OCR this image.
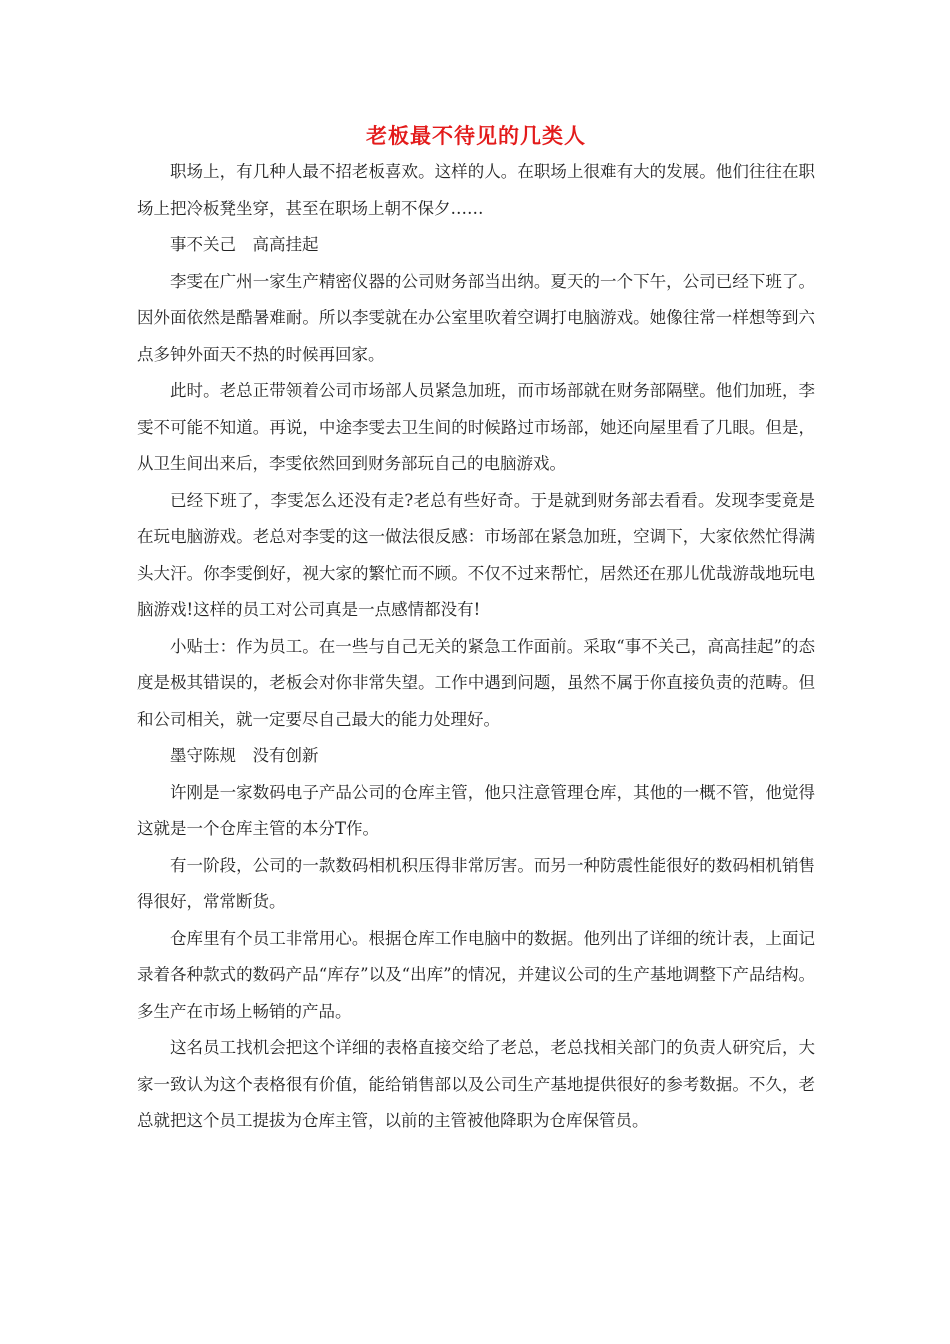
老板最不待见的几类人

职场上，有几种人最不招老板喜欢。这样的人。在职场上很难有大的发展。他们往往在职场上把冷板凳坐穿，甚至在职场上朝不保夕……

事不关己　高高挂起

李雯在广州一家生产精密仪器的公司财务部当出纳。夏天的一个下午，公司已经下班了。因外面依然是酷暑难耐。所以李雯就在办公室里吹着空调打电脑游戏。她像往常一样想等到六点多钟外面天不热的时候再回家。

此时。老总正带领着公司市场部人员紧急加班，而市场部就在财务部隔壁。他们加班，李雯不可能不知道。再说，中途李雯去卫生间的时候路过市场部，她还向屋里看了几眼。但是，从卫生间出来后，李雯依然回到财务部玩自己的电脑游戏。

已经下班了，李雯怎么还没有走?老总有些好奇。于是就到财务部去看看。发现李雯竟是在玩电脑游戏。老总对李雯的这一做法很反感：市场部在紧急加班，空调下，大家依然忙得满头大汗。你李雯倒好，视大家的繁忙而不顾。不仅不过来帮忙，居然还在那儿优哉游哉地玩电脑游戏!这样的员工对公司真是一点感情都没有!

小贴士：作为员工。在一些与自己无关的紧急工作面前。采取“事不关己，高高挂起”的态度是极其错误的，老板会对你非常失望。工作中遇到问题，虽然不属于你直接负责的范畴。但和公司相关，就一定要尽自己最大的能力处理好。

墨守陈规　没有创新

许刚是一家数码电子产品公司的仓库主管，他只注意管理仓库，其他的一概不管，他觉得这就是一个仓库主管的本分T作。

有一阶段，公司的一款数码相机积压得非常厉害。而另一种防震性能很好的数码相机销售得很好，常常断货。

仓库里有个员工非常用心。根据仓库工作电脑中的数据。他列出了详细的统计表，上面记录着各种款式的数码产品“库存”以及“出库”的情况，并建议公司的生产基地调整下产品结构。多生产在市场上畅销的产品。

这名员工找机会把这个详细的表格直接交给了老总，老总找相关部门的负责人研究后，大家一致认为这个表格很有价值，能给销售部以及公司生产基地提供很好的参考数据。不久，老总就把这个员工提拔为仓库主管，以前的主管被他降职为仓库保管员。
